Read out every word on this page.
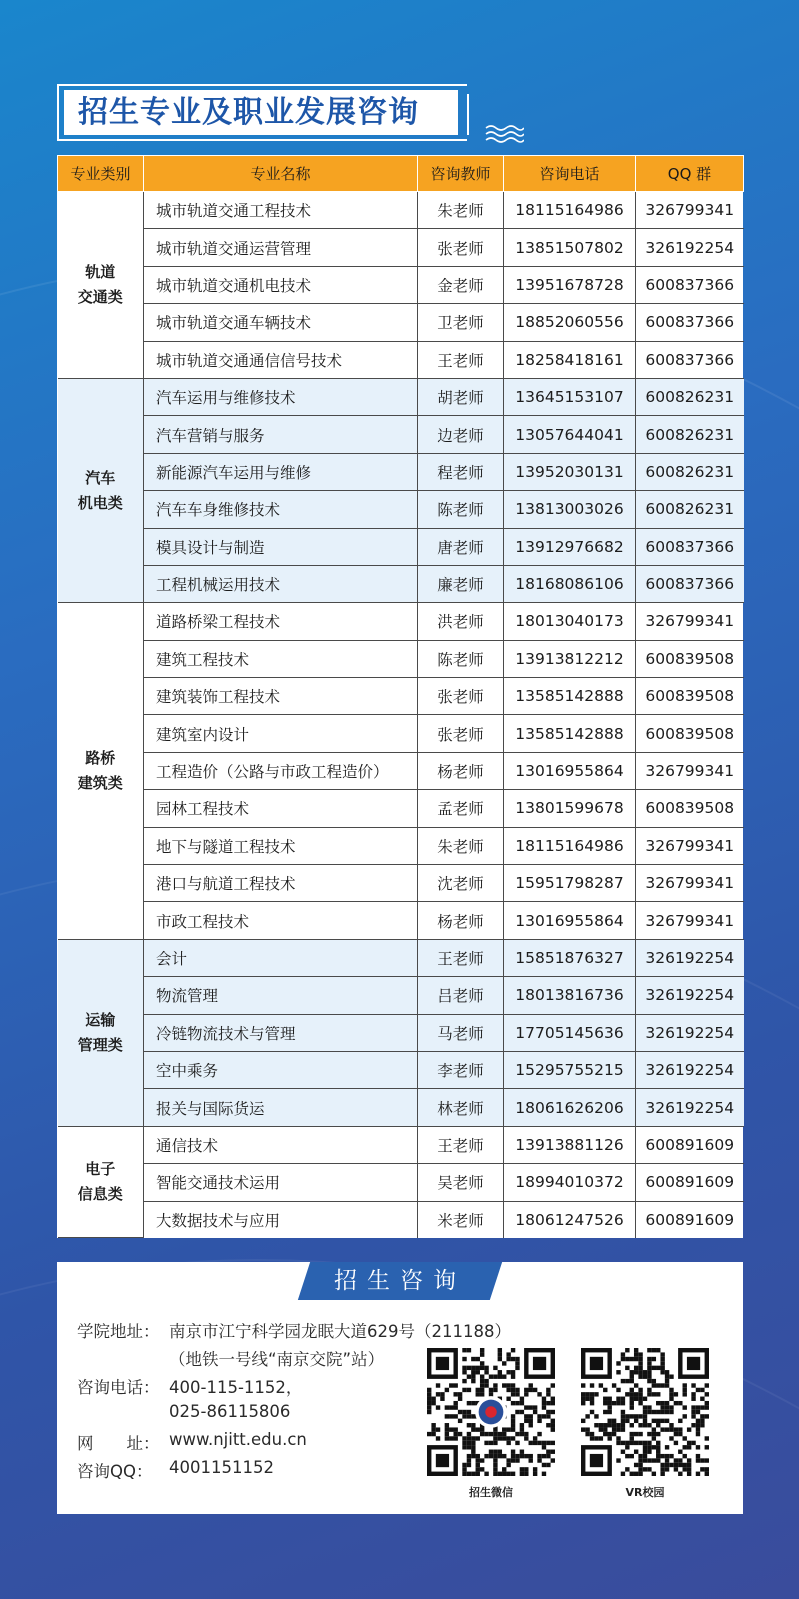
招生专业及职业发展咨询
专业类别	专业名称	咨询教师	咨询电话	QQ 群
轨道
交通类	城市轨道交通工程技术	朱老师	18115164986	326799341
	城市轨道交通运营管理	张老师	13851507802	326192254
	城市轨道交通机电技术	金老师	13951678728	600837366
	城市轨道交通车辆技术	卫老师	18852060556	600837366
	城市轨道交通通信信号技术	王老师	18258418161	600837366
汽车
机电类	汽车运用与维修技术	胡老师	13645153107	600826231
	汽车营销与服务	边老师	13057644041	600826231
	新能源汽车运用与维修	程老师	13952030131	600826231
	汽车车身维修技术	陈老师	13813003026	600826231
	模具设计与制造	唐老师	13912976682	600837366
	工程机械运用技术	廉老师	18168086106	600837366
路桥
建筑类	道路桥梁工程技术	洪老师	18013040173	326799341
	建筑工程技术	陈老师	13913812212	600839508
	建筑装饰工程技术	张老师	13585142888	600839508
	建筑室内设计	张老师	13585142888	600839508
	工程造价（公路与市政工程造价）	杨老师	13016955864	326799341
	园林工程技术	孟老师	13801599678	600839508
	地下与隧道工程技术	朱老师	18115164986	326799341
	港口与航道工程技术	沈老师	15951798287	326799341
	市政工程技术	杨老师	13016955864	326799341
运输
管理类	会计	王老师	15851876327	326192254
	物流管理	吕老师	18013816736	326192254
	冷链物流技术与管理	马老师	17705145636	326192254
	空中乘务	李老师	15295755215	326192254
	报关与国际货运	林老师	18061626206	326192254
电子
信息类	通信技术	王老师	13913881126	600891609
	智能交通技术运用	吴老师	18994010372	600891609
	大数据技术与应用	米老师	18061247526	600891609
招生咨询
学院地址： 南京市江宁科学园龙眠大道629号（211188）
（地铁一号线“南京交院”站）
咨询电话： 400-115-1152，
025-86115806
网　　址： www.njitt.edu.cn
咨询QQ： 4001151152
招生微信	VR校园
